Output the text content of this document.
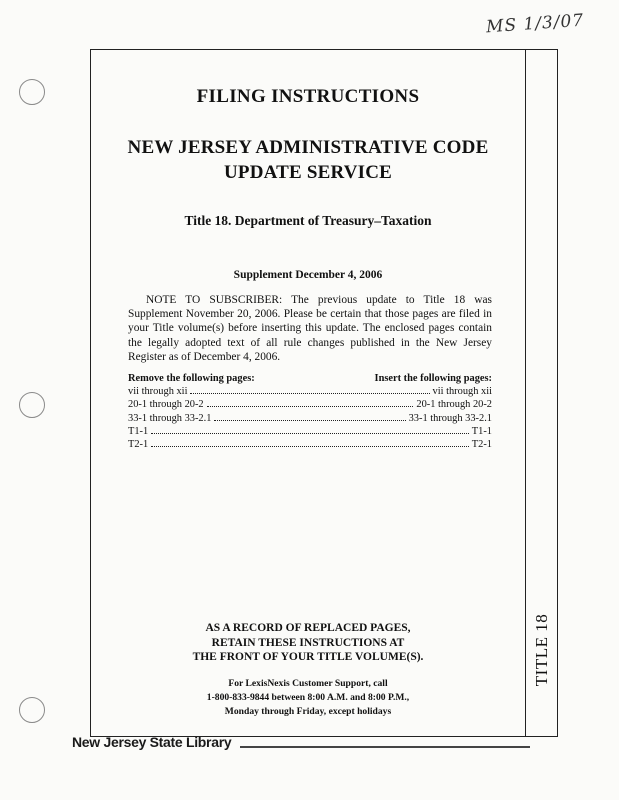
MS 1/3/07
TITLE 18
FILING INSTRUCTIONS
NEW JERSEY ADMINISTRATIVE CODE
UPDATE SERVICE
Title 18. Department of Treasury–Taxation
Supplement December 4, 2006

NOTE TO SUBSCRIBER: The previous update to Title 18 was Supplement November 20, 2006. Please be certain that those pages are filed in your Title volume(s) before inserting this update. The enclosed pages contain the legally adopted text of all rule changes published in the New Jersey Register as of December 4, 2006.

Remove the following pages:	Insert the following pages:
vii through xii	vii through xii
20-1 through 20-2	20-1 through 20-2
33-1 through 33-2.1	33-1 through 33-2.1
T1-1	T1-1
T2-1	T2-1
AS A RECORD OF REPLACED PAGES,
RETAIN THESE INSTRUCTIONS AT
THE FRONT OF YOUR TITLE VOLUME(S).
For LexisNexis Customer Support, call
1-800-833-9844 between 8:00 A.M. and 8:00 P.M.,
Monday through Friday, except holidays
New Jersey State Library
